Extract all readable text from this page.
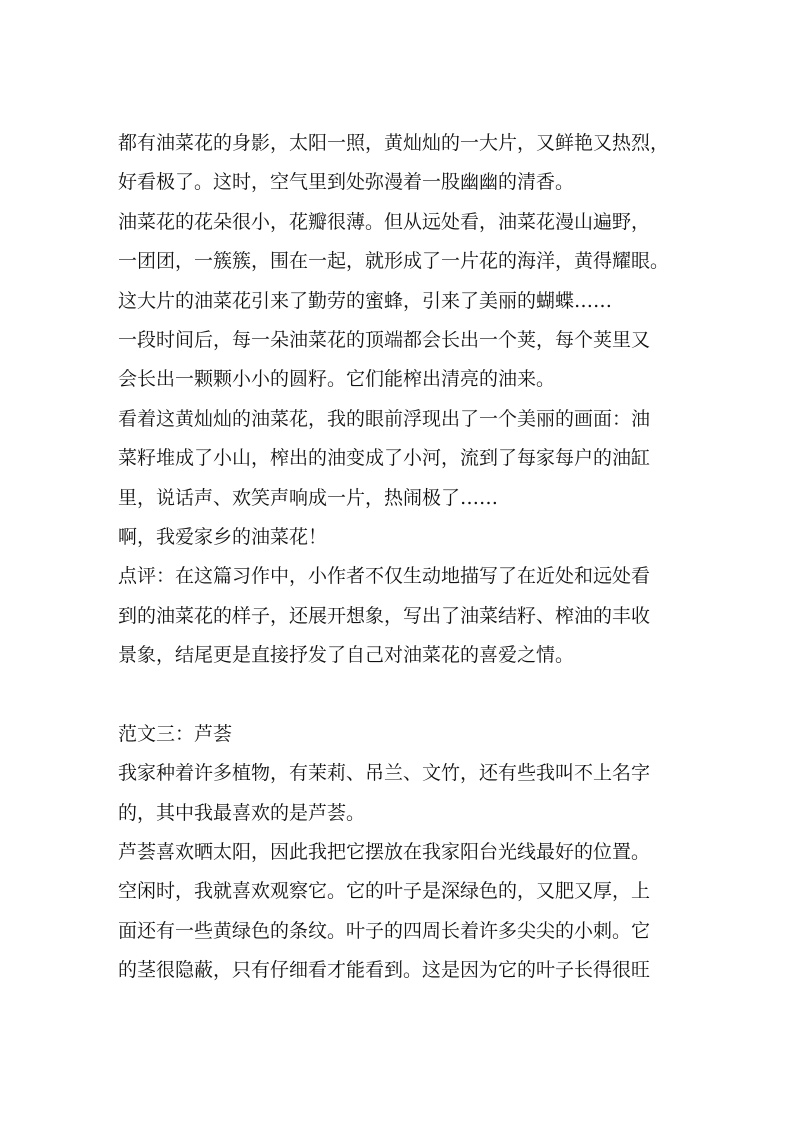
都有油菜花的身影，太阳一照，黄灿灿的一大片，又鲜艳又热烈，
好看极了。这时，空气里到处弥漫着一股幽幽的清香。
油菜花的花朵很小，花瓣很薄。但从远处看，油菜花漫山遍野，
一团团，一簇簇，围在一起，就形成了一片花的海洋，黄得耀眼。
这大片的油菜花引来了勤劳的蜜蜂，引来了美丽的蝴蝶……
一段时间后，每一朵油菜花的顶端都会长出一个荚，每个荚里又
会长出一颗颗小小的圆籽。它们能榨出清亮的油来。
看着这黄灿灿的油菜花，我的眼前浮现出了一个美丽的画面：油
菜籽堆成了小山，榨出的油变成了小河，流到了每家每户的油缸
里，说话声、欢笑声响成一片，热闹极了……
啊，我爱家乡的油菜花！
点评：在这篇习作中，小作者不仅生动地描写了在近处和远处看
到的油菜花的样子，还展开想象，写出了油菜结籽、榨油的丰收
景象，结尾更是直接抒发了自己对油菜花的喜爱之情。
范文三：芦荟
我家种着许多植物，有茉莉、吊兰、文竹，还有些我叫不上名字
的，其中我最喜欢的是芦荟。
芦荟喜欢晒太阳，因此我把它摆放在我家阳台光线最好的位置。
空闲时，我就喜欢观察它。它的叶子是深绿色的，又肥又厚，上
面还有一些黄绿色的条纹。叶子的四周长着许多尖尖的小刺。它
的茎很隐蔽，只有仔细看才能看到。这是因为它的叶子长得很旺
